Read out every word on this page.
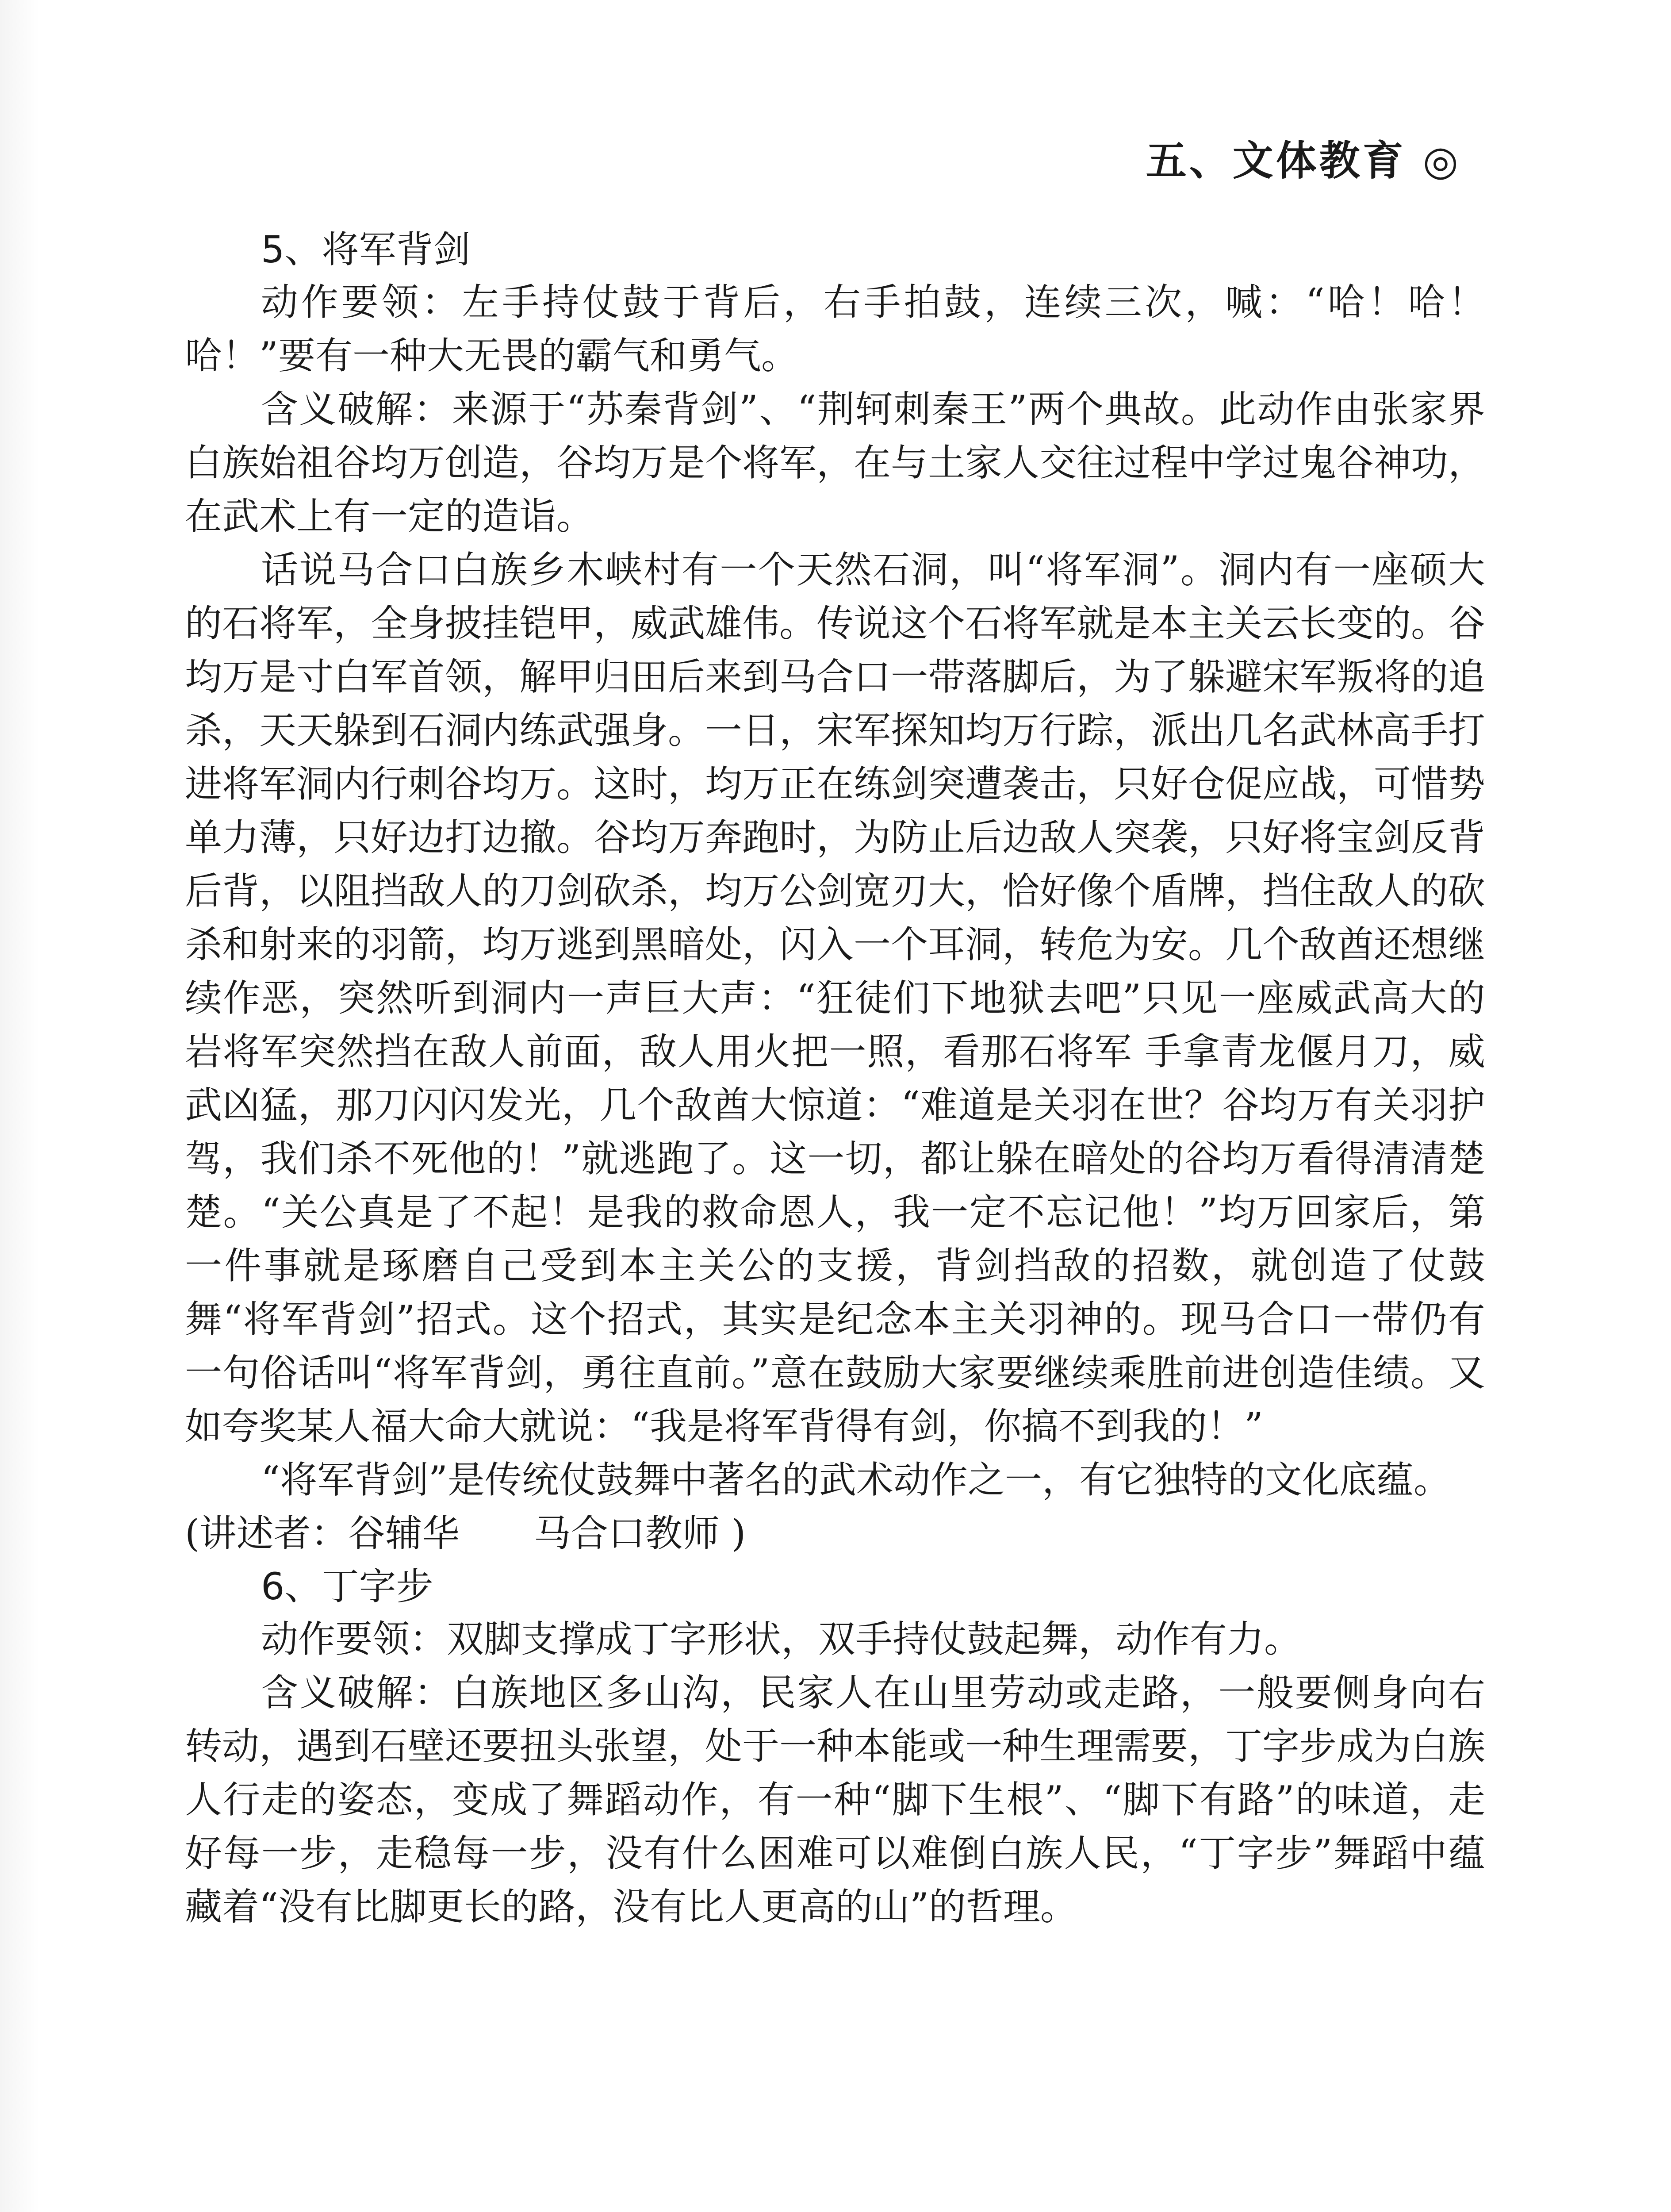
五、文体教育 ◎
5、将军背剑

动作要领：左手持仗鼓于背后，右手拍鼓，连续三次，喊：“哈！哈！哈！”要有一种大无畏的霸气和勇气。

含义破解：来源于“苏秦背剑”、“荆轲刺秦王”两个典故。此动作由张家界白族始祖谷均万创造，谷均万是个将军，在与土家人交往过程中学过鬼谷神功，在武术上有一定的造诣。

话说马合口白族乡木峡村有一个天然石洞，叫“将军洞”。洞内有一座硕大的石将军，全身披挂铠甲，威武雄伟。传说这个石将军就是本主关云长变的。谷均万是寸白军首领，解甲归田后来到马合口一带落脚后，为了躲避宋军叛将的追杀，天天躲到石洞内练武强身。一日，宋军探知均万行踪，派出几名武林高手打进将军洞内行刺谷均万。这时，均万正在练剑突遭袭击，只好仓促应战，可惜势单力薄，只好边打边撤。谷均万奔跑时，为防止后边敌人突袭，只好将宝剑反背后背，以阻挡敌人的刀剑砍杀，均万公剑宽刃大，恰好像个盾牌，挡住敌人的砍杀和射来的羽箭，均万逃到黑暗处，闪入一个耳洞，转危为安。几个敌酋还想继续作恶，突然听到洞内一声巨大声：“狂徒们下地狱去吧”只见一座威武高大的岩将军突然挡在敌人前面，敌人用火把一照，看那石将军 手拿青龙偃月刀，威武凶猛，那刀闪闪发光，几个敌酋大惊道：“难道是关羽在世？谷均万有关羽护驾，我们杀不死他的！”就逃跑了。这一切，都让躲在暗处的谷均万看得清清楚楚。“关公真是了不起！是我的救命恩人，我一定不忘记他！”均万回家后，第一件事就是琢磨自己受到本主关公的支援，背剑挡敌的招数，就创造了仗鼓舞“将军背剑”招式。这个招式，其实是纪念本主关羽神的。现马合口一带仍有一句俗话叫“将军背剑，勇往直前。”意在鼓励大家要继续乘胜前进创造佳绩。又如夸奖某人福大命大就说：“我是将军背得有剑，你搞不到我的！”

“将军背剑”是传统仗鼓舞中著名的武术动作之一，有它独特的文化底蕴。

(讲述者：谷辅华　　马合口教师 )

6、丁字步

动作要领：双脚支撑成丁字形状，双手持仗鼓起舞，动作有力。

含义破解：白族地区多山沟，民家人在山里劳动或走路，一般要侧身向右转动，遇到石壁还要扭头张望，处于一种本能或一种生理需要，丁字步成为白族人行走的姿态，变成了舞蹈动作，有一种“脚下生根”、“脚下有路”的味道，走好每一步，走稳每一步，没有什么困难可以难倒白族人民，“丁字步”舞蹈中蕴藏着“没有比脚更长的路，没有比人更高的山”的哲理。
